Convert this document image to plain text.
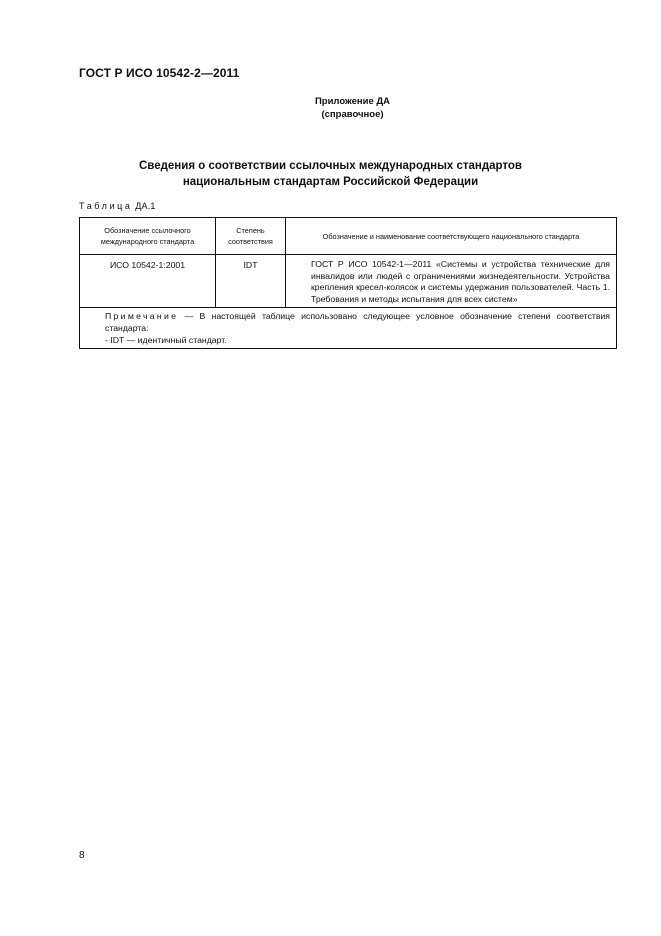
ГОСТ Р ИСО 10542-2—2011
Приложение ДА
(справочное)
Сведения о соответствии ссылочных международных стандартов
национальным стандартам Российской Федерации
Таблица ДА.1
Обозначение ссылочного международного стандарта	Степень соответствия	Обозначение и наименование соответствующего национального стандарта
ИСО 10542-1:2001	IDT	ГОСТ Р ИСО 10542-1—2011 «Системы и устройства технические для инвалидов или людей с ограничениями жизнедеятельности. Устройства крепления кресел-колясок и системы удержания пользователей. Часть 1. Требования и методы испытания для всех систем»

Примечание — В настоящей таблице использовано следующее условное обозначение степени соответствия стандарта:
- IDT — идентичный стандарт.		
8
